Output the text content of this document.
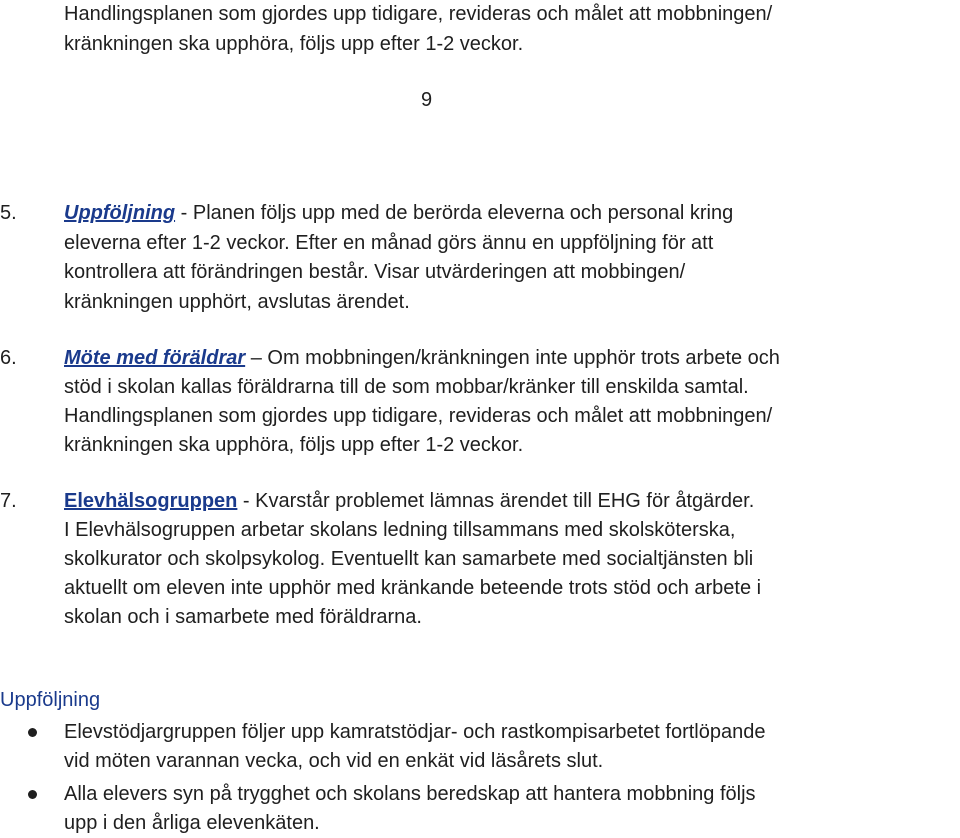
Handlingsplanen som gjordes upp tidigare, revideras och målet att mobbningen/
kränkningen ska upphöra, följs upp efter 1-2 veckor.
9
5. Uppföljning - Planen följs upp med de berörda eleverna och personal kring
eleverna efter 1-2 veckor. Efter en månad görs ännu en uppföljning för att
kontrollera att förändringen består. Visar utvärderingen att mobbingen/
kränkningen upphört, avslutas ärendet.
6. Möte med föräldrar – Om mobbningen/kränkningen inte upphör trots arbete och
stöd i skolan kallas föräldrarna till de som mobbar/kränker till enskilda samtal.
Handlingsplanen som gjordes upp tidigare, revideras och målet att mobbningen/
kränkningen ska upphöra, följs upp efter 1-2 veckor.
7. Elevhälsogruppen - Kvarstår problemet lämnas ärendet till EHG för åtgärder.
I Elevhälsogruppen arbetar skolans ledning tillsammans med skolsköterska,
skolkurator och skolpsykolog. Eventuellt kan samarbete med socialtjänsten bli
aktuellt om eleven inte upphör med kränkande beteende trots stöd och arbete i
skolan och i samarbete med föräldrarna.
Uppföljning
Elevstödjargruppen följer upp kamratstödjar- och rastkompisarbetet fortlöpande
vid möten varannan vecka, och vid en enkät vid läsårets slut.
Alla elevers syn på trygghet och skolans beredskap att hantera mobbning följs
upp i den årliga elevenkäten.
